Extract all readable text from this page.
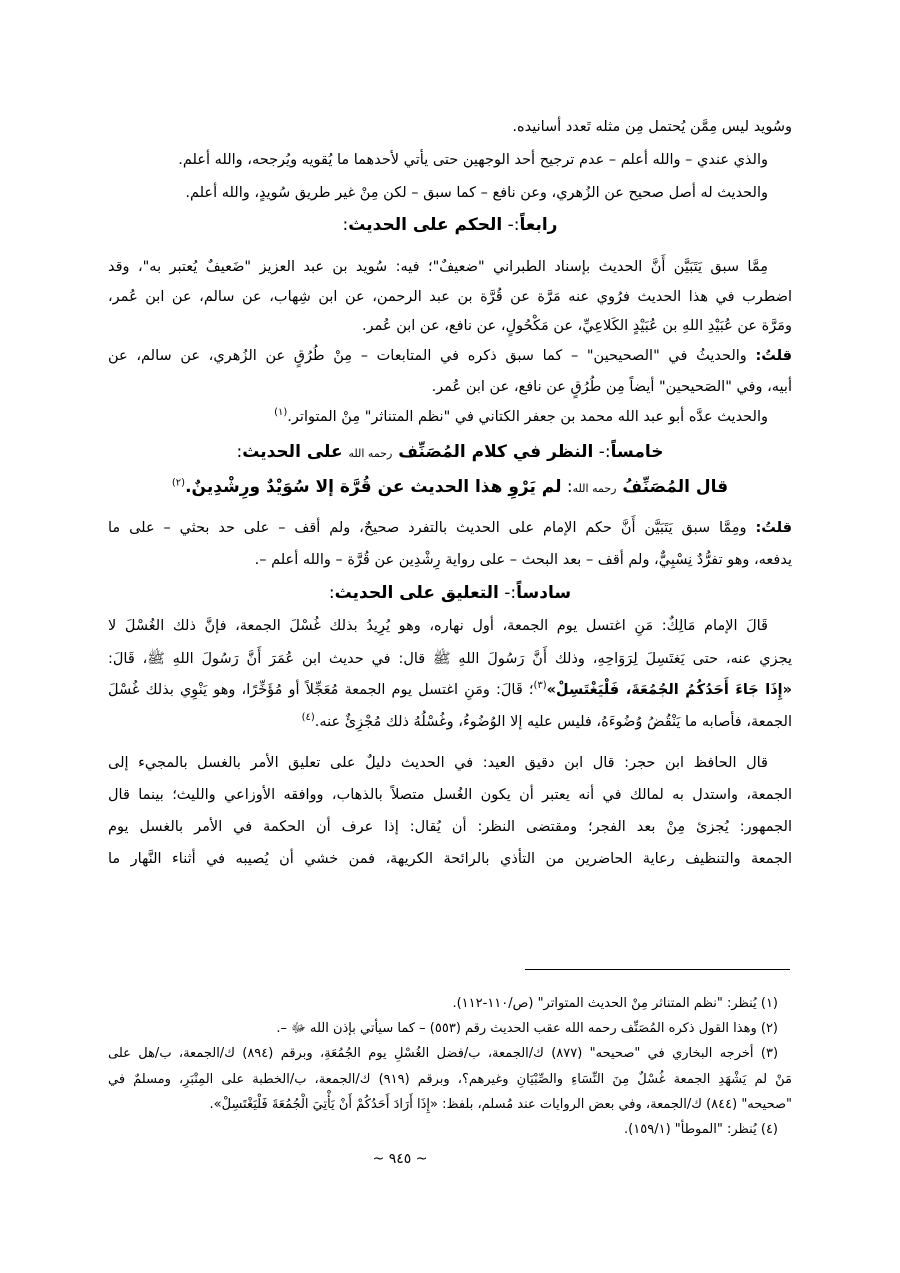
وسُويد ليس مِمَّن يُحتمل مِن مثله تَعدد أسانيده.
والذي عندي – والله أعلم – عدم ترجيح أحد الوجهين حتى يأتي لأحدهما ما يُقويه ويُرجحه، والله أعلم.
والحديث له أصل صحيح عن الزُهري، وعن نافع – كما سبق – لكن مِنْ غير طريق سُويدٍ، والله أعلم.
رابعاً:- الحكم على الحديث:
مِمَّا سبق يَتَبَيَّن أَنَّ الحديث بإسناد الطبراني "ضعيفٌ"؛ فيه: سُويد بن عبد العزيز "ضَعيفٌ يُعتبر به"، وقد
اضطرب في هذا الحديث فرُوي عنه مَرَّة عن قُرَّة بن عبد الرحمن، عن ابن شِهاب، عن سالم، عن ابن عُمر،
ومَرَّة عن عُبَيْدِ اللهِ بن عُبَيْدٍ الكَلاعِيِّ، عن مَكْحُولٍ، عن نافع، عن ابن عُمر.
قلتُ: والحديثُ في "الصحيحين" – كما سبق ذكره في المتابعات – مِنْ طُرُقٍ عن الزُهري، عن سالم، عن
أبيه، وفي "الصَحيحين" أيضاً مِن طُرُقٍ عن نافع، عن ابن عُمر.
والحديث عدَّه أبو عبد الله محمد بن جعفر الكتاني في "نظم المتناثر" مِنْ المتواتر.$^{(١)}$
خامساً:- النظر في كلام المُصَنِّف رحمه الله على الحديث:
قال المُصَنِّفُ رحمه الله: لم يَرْوِ هذا الحديث عن قُرَّة إلا سُوَيْدٌ ورِشْدِينٌ.$^{(٢)}$
قلتُ: ومِمَّا سبق يَتَبَيَّن أَنَّ حكم الإمام على الحديث بالتفرد صحيحٌ، ولم أقف – على حد بحثي – على ما
يدفعه، وهو تفرُّدٌ نِسْبِيٌّ، ولم أقف – بعد البحث – على رواية رِشْدِين عن قُرَّة – والله أعلم –.
سادساً:- التعليق على الحديث:
قَالَ الإمام مَالِكٌ: مَنِ اغتسل يوم الجمعة، أول نهاره، وهو يُرِيدُ بذلك غُسْلَ الجمعة، فإنَّ ذلك الغُسْلَ لا
يجزي عنه، حتى يَغتَسِلَ لِرَوَاحِهِ، وذلك أَنَّ رَسُولَ اللهِ ﷺ قال: في حديث ابن عُمَرَ أَنَّ رَسُولَ اللهِ ﷺ، قَالَ:
«إِذَا جَاءَ أَحَدُكُمُ الجُمُعَةَ، فَلْيَغْتَسِلْ»$^{(٣)}$؛ قَالَ: ومَنِ اغتسل يوم الجمعة مُعَجِّلاً أو مُؤَخِّرًا، وهو يَنْوِي بذلك غُسْلَ
الجمعة، فأصابه ما يَنْقُضُ وُضُوءَهُ، فليس عليه إلا الوُضُوءُ، وغُسْلُهُ ذلك مُجْزِئٌ عنه.$^{(٤)}$
قال الحافظ ابن حجر: قال ابن دقيق العيد: في الحديث دليلٌ على تعليق الأمر بالغسل بالمجيء إلى
الجمعة، واستدل به لمالك في أنه يعتبر أن يكون الغُسل متصلاً بالذهاب، ووافقه الأوزاعي والليث؛ بينما قال
الجمهور: يُجزئ مِنْ بعد الفجر؛ ومقتضى النظر: أن يُقال: إذا عرف أن الحكمة في الأمر بالغسل يوم
الجمعة والتنظيف رعاية الحاضرين من التأذي بالرائحة الكريهة، فمن خشي أن يُصيبه في أثناء النَّهار ما
(١) يُنظر: "نظم المتناثر مِنْ الحديث المتواتر" (ص/١١٠-١١٢).
(٢) وهذا القول ذكره المُصَنِّف رحمه الله عقب الحديث رقم (٥٥٣) – كما سيأتي بإذن الله ﷻ –.
(٣) أخرجه البخاري في "صحيحه" (٨٧٧) ك/الجمعة، ب/فضل الغُسْلِ يوم الجُمُعَةِ، وبرقم (٨٩٤) ك/الجمعة، ب/هل على
مَنْ لم يَشْهَدِ الجمعة غُسْلٌ مِنَ النِّسَاءِ والصِّبْيَانِ وغيرهم؟، وبرقم (٩١٩) ك/الجمعة، ب/الخطبة على المِنْبَرِ، ومسلمٌ في
"صحيحه" (٨٤٤) ك/الجمعة، وفي بعض الروايات عند مُسلم، بلفظ: «إِذَا أَرَادَ أَحَدُكُمْ أَنْ يَأْتِيَ الْجُمُعَةَ فَلْيَغْتَسِلْ».
(٤) يُنظر: "الموطأ" (١٥٩/١).
~ ٩٤٥ ~
